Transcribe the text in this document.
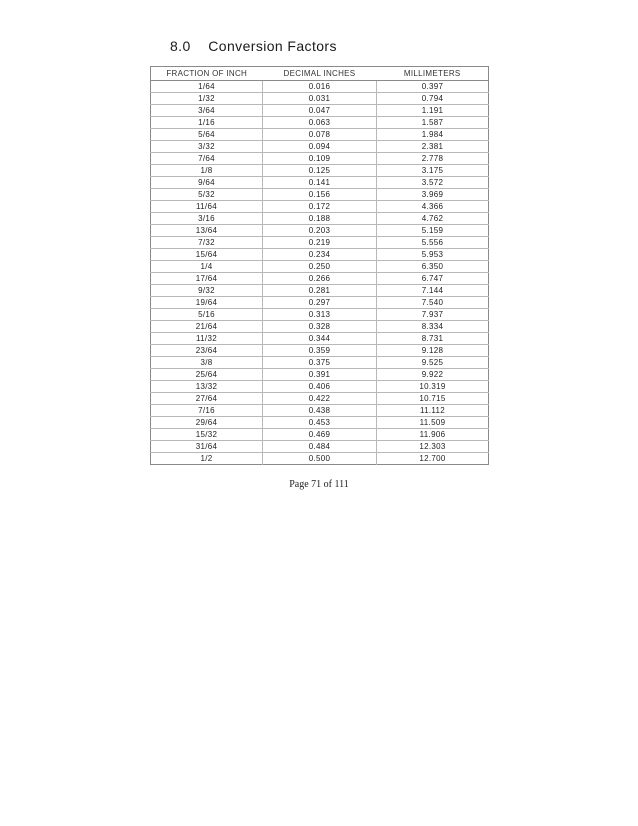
8.0 Conversion Factors
FRACTION OF INCH	DECIMAL INCHES	MILLIMETERS
1/64	0.016	0.397
1/32	0.031	0.794
3/64	0.047	1.191
1/16	0.063	1.587
5/64	0.078	1.984
3/32	0.094	2.381
7/64	0.109	2.778
1/8	0.125	3.175
9/64	0.141	3.572
5/32	0.156	3.969
11/64	0.172	4.366
3/16	0.188	4.762
13/64	0.203	5.159
7/32	0.219	5.556
15/64	0.234	5.953
1/4	0.250	6.350
17/64	0.266	6.747
9/32	0.281	7.144
19/64	0.297	7.540
5/16	0.313	7.937
21/64	0.328	8.334
11/32	0.344	8.731
23/64	0.359	9.128
3/8	0.375	9.525
25/64	0.391	9.922
13/32	0.406	10.319
27/64	0.422	10.715
7/16	0.438	11.112
29/64	0.453	11.509
15/32	0.469	11.906
31/64	0.484	12.303
1/2	0.500	12.700
Page 71 of 111
